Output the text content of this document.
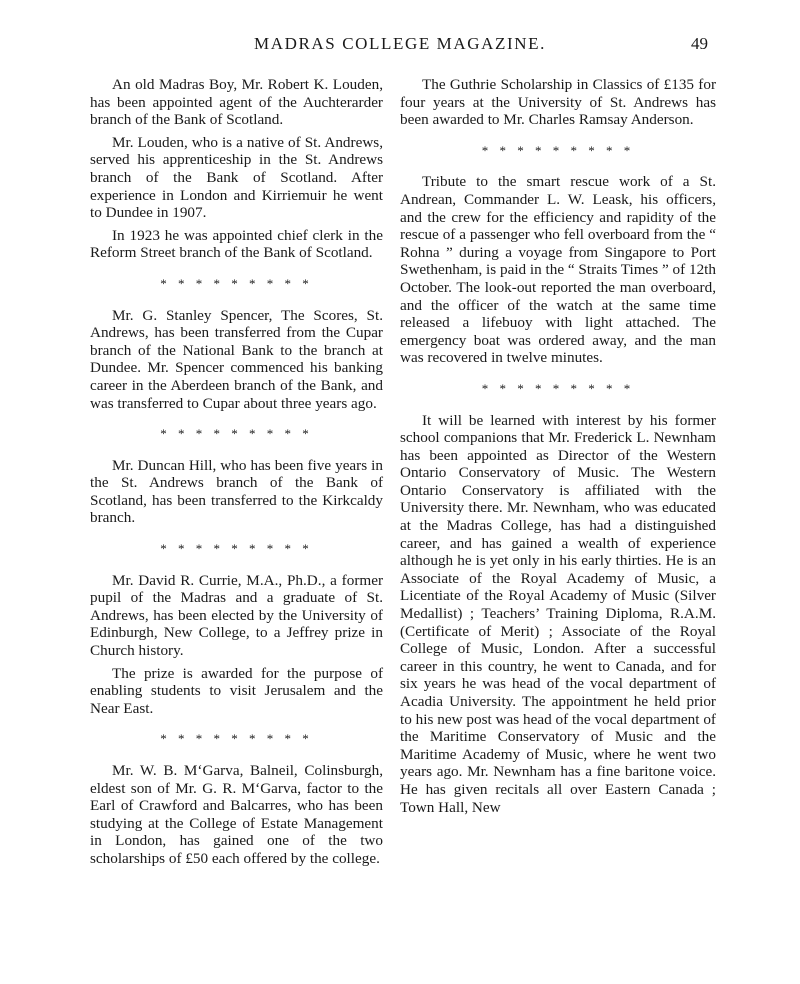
MADRAS COLLEGE MAGAZINE.	49

An old Madras Boy, Mr. Robert K. Louden, has been appointed agent of the Auchterarder branch of the Bank of Scotland.

Mr. Louden, who is a native of St. Andrews, served his apprenticeship in the St. Andrews branch of the Bank of Scotland. After experience in London and Kirriemuir he went to Dundee in 1907.

In 1923 he was appointed chief clerk in the Reform Street branch of the Bank of Scotland.

* * * * * * * * *

Mr. G. Stanley Spencer, The Scores, St. Andrews, has been transferred from the Cupar branch of the National Bank to the branch at Dundee. Mr. Spencer commenced his banking career in the Aberdeen branch of the Bank, and was transferred to Cupar about three years ago.

* * * * * * * * *

Mr. Duncan Hill, who has been five years in the St. Andrews branch of the Bank of Scotland, has been transferred to the Kirkcaldy branch.

* * * * * * * * *

Mr. David R. Currie, M.A., Ph.D., a former pupil of the Madras and a graduate of St. Andrews, has been elected by the University of Edinburgh, New College, to a Jeffrey prize in Church history.

The prize is awarded for the purpose of enabling students to visit Jerusalem and the Near East.

* * * * * * * * *

Mr. W. B. M‘Garva, Balneil, Colinsburgh, eldest son of Mr. G. R. M‘Garva, factor to the Earl of Crawford and Balcarres, who has been studying at the College of Estate Management in London, has gained one of the two scholarships of £50 each offered by the college.

The Guthrie Scholarship in Classics of £135 for four years at the University of St. Andrews has been awarded to Mr. Charles Ramsay Anderson.

* * * * * * * * *

Tribute to the smart rescue work of a St. Andrean, Commander L. W. Leask, his officers, and the crew for the efficiency and rapidity of the rescue of a passenger who fell overboard from the “ Rohna ” during a voyage from Singapore to Port Swethenham, is paid in the “ Straits Times ” of 12th October. The look-out reported the man overboard, and the officer of the watch at the same time released a lifebuoy with light attached. The emergency boat was ordered away, and the man was recovered in twelve minutes.

* * * * * * * * *

It will be learned with interest by his former school companions that Mr. Frederick L. Newnham has been appointed as Director of the Western Ontario Conservatory of Music. The Western Ontario Conservatory is affiliated with the University there. Mr. Newnham, who was educated at the Madras College, has had a distinguished career, and has gained a wealth of experience although he is yet only in his early thirties. He is an Associate of the Royal Academy of Music, a Licentiate of the Royal Academy of Music (Silver Medallist) ; Teachers’ Training Diploma, R.A.M. (Certificate of Merit) ; Associate of the Royal College of Music, London. After a successful career in this country, he went to Canada, and for six years he was head of the vocal department of Acadia University. The appointment he held prior to his new post was head of the vocal department of the Maritime Conservatory of Music and the Maritime Academy of Music, where he went two years ago. Mr. Newnham has a fine baritone voice. He has given recitals all over Eastern Canada ; Town Hall, New
